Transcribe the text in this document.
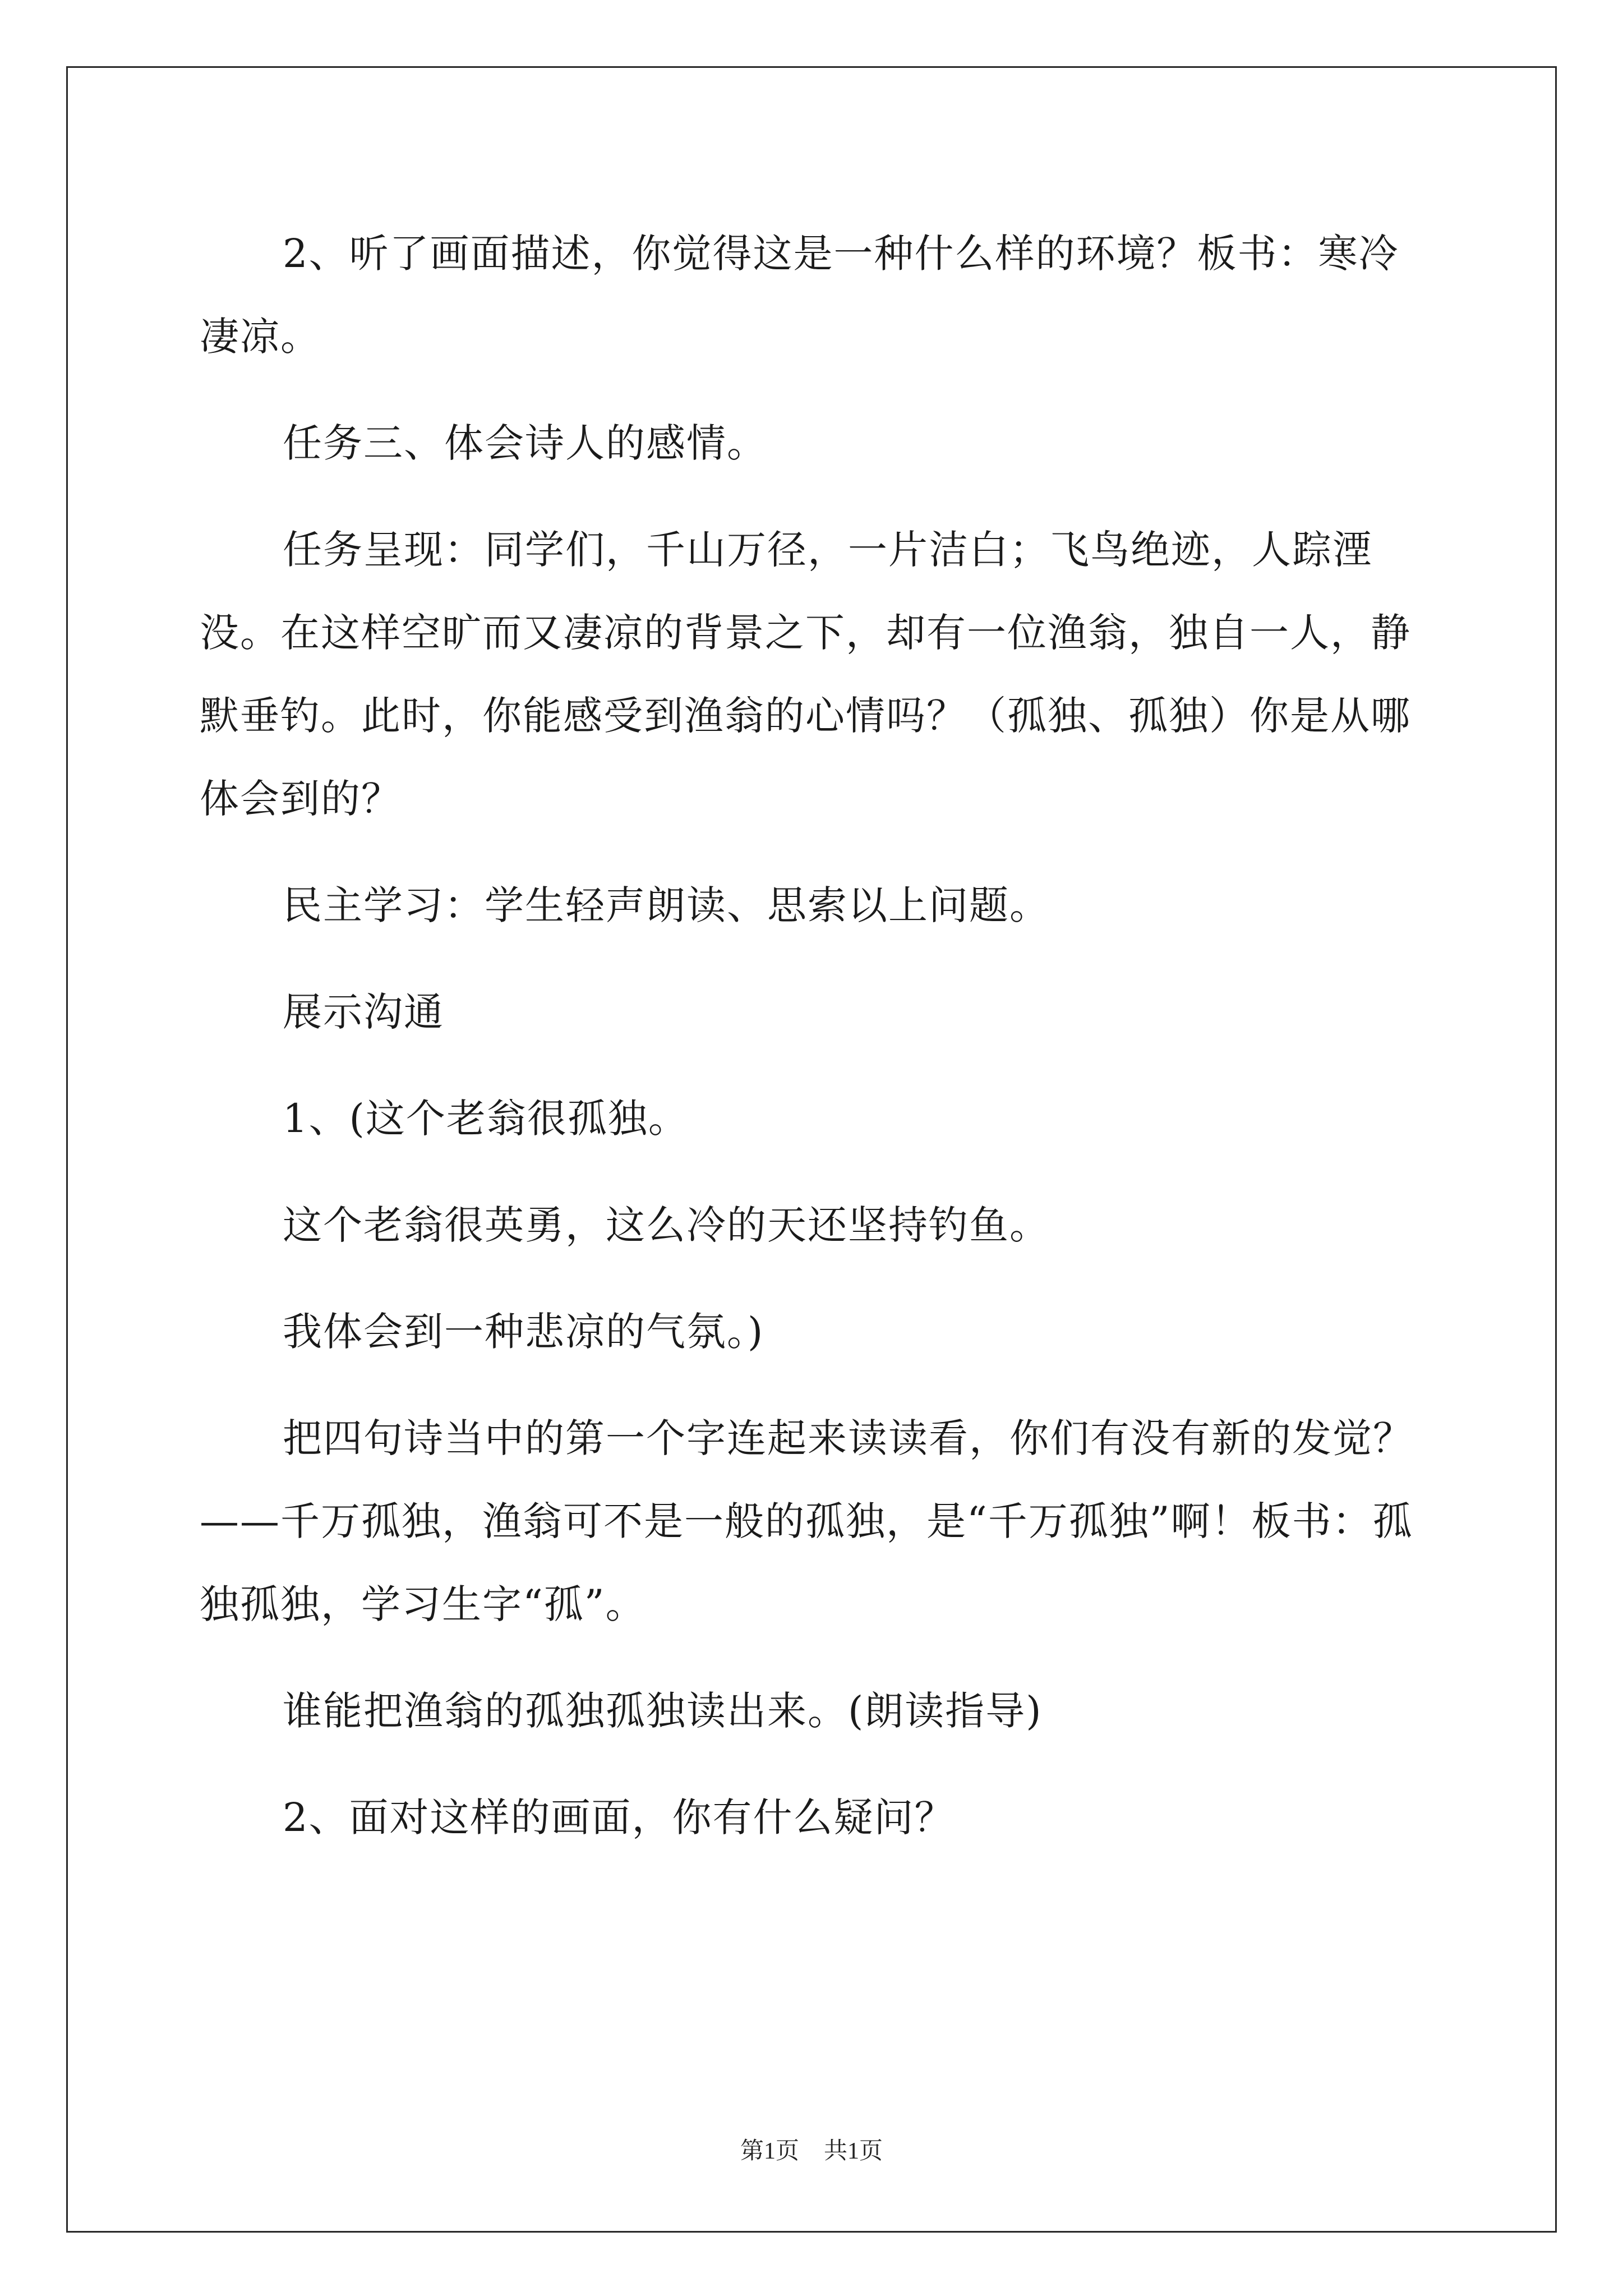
2、听了画面描述，你觉得这是一种什么样的环境？板书：寒冷凄凉。

任务三、体会诗人的感情。

任务呈现：同学们，千山万径，一片洁白；飞鸟绝迹，人踪湮没。在这样空旷而又凄凉的背景之下，却有一位渔翁，独自一人，静默垂钓。此时，你能感受到渔翁的心情吗？（孤独、孤独）你是从哪体会到的？

民主学习：学生轻声朗读、思索以上问题。

展示沟通

1、(这个老翁很孤独。

这个老翁很英勇，这么冷的天还坚持钓鱼。

我体会到一种悲凉的气氛。)

把四句诗当中的第一个字连起来读读看，你们有没有新的发觉？——千万孤独，渔翁可不是一般的孤独，是“千万孤独”啊！板书：孤独孤独，学习生字“孤”。

谁能把渔翁的孤独孤独读出来。(朗读指导)

2、面对这样的画面，你有什么疑问？

第1页 共1页
